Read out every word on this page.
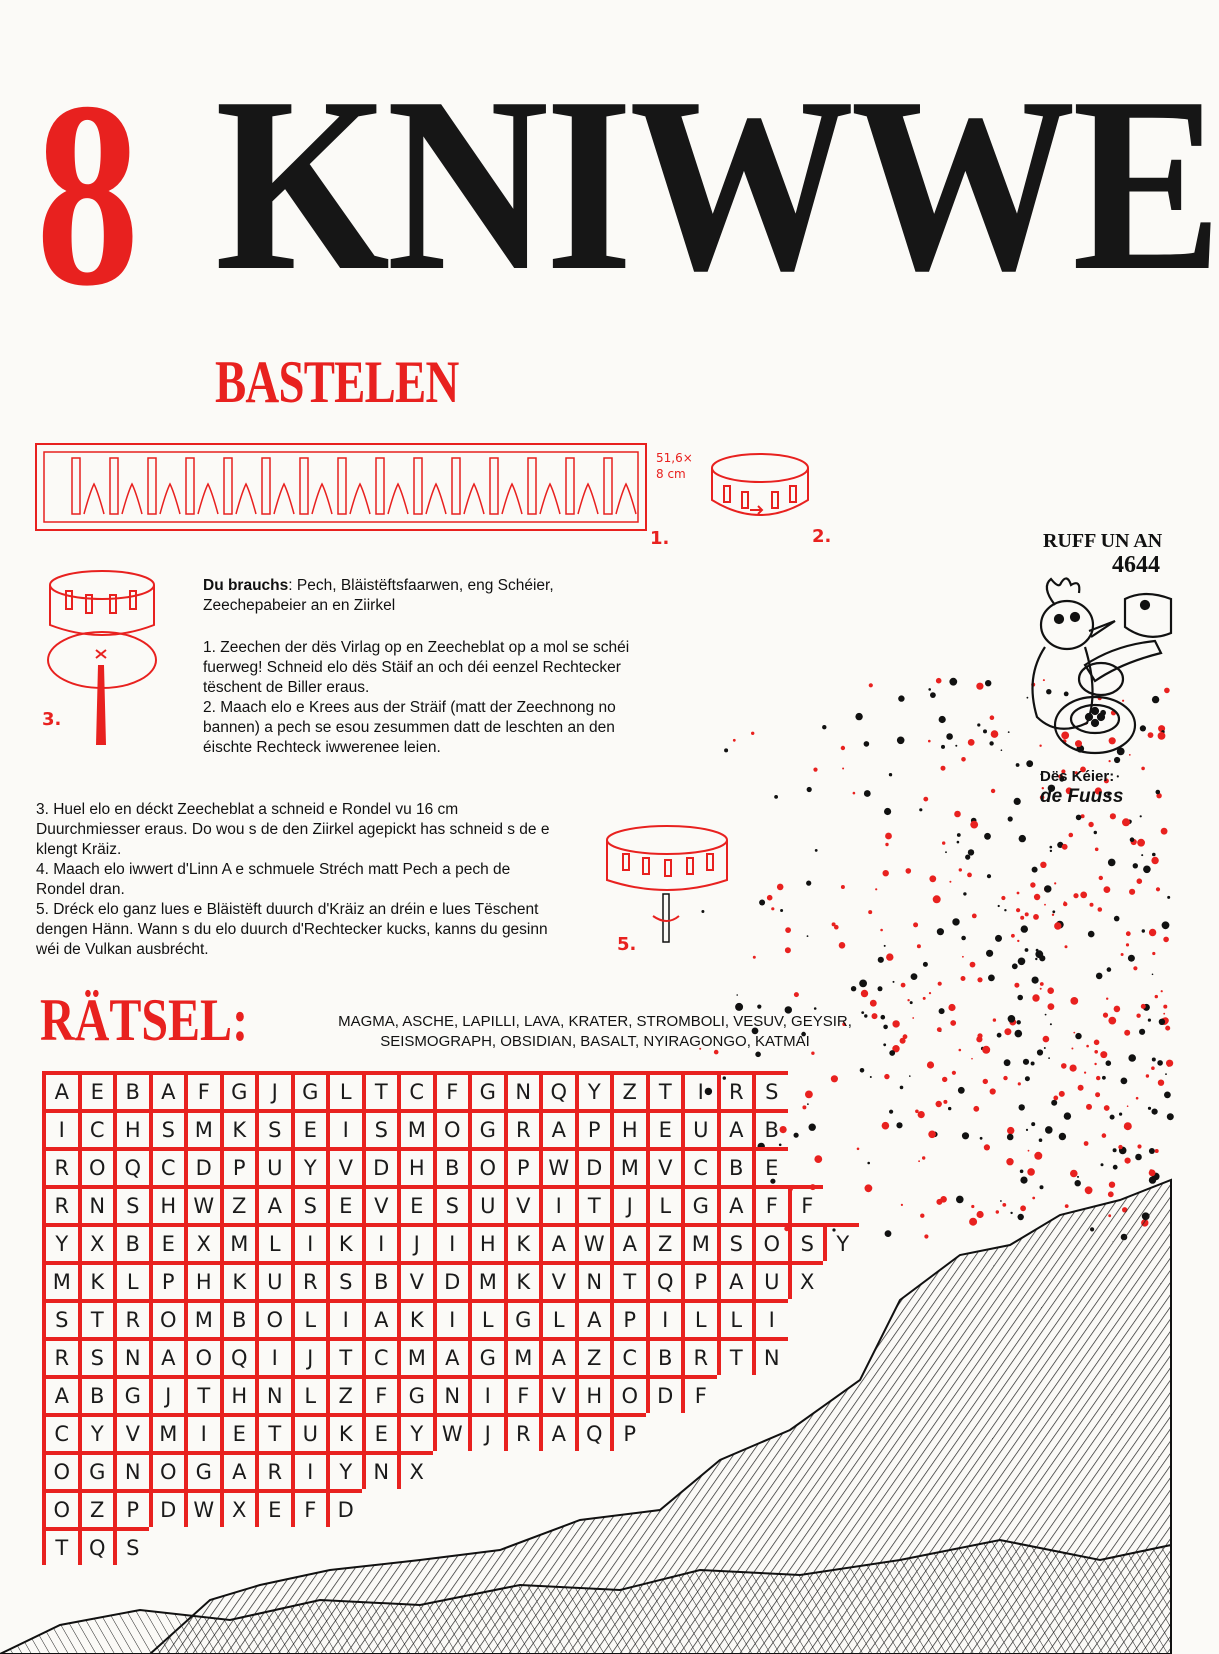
8 KNIWWE
BASTELEN
51,6×
8 cm
1.	2.
3.
5.
Du brauchs: Pech, Bläistëftsfaarwen, eng Schéier, Zeechepabeier an en Ziirkel

1. Zeechen der dës Virlag op en Zeecheblat op a mol se schéi fuerweg! Schneid elo dës Stäif an och déi eenzel Rechtecker tëschent de Biller eraus.

2. Maach elo e Krees aus der Sträif (matt der Zeechnong no bannen) a pech se esou zesummen datt de leschten an den éischte Rechteck iwwerenee leien.

3. Huel elo en déckt Zeecheblat a schneid e Rondel vu 16 cm Duurchmiesser eraus. Do wou s de den Ziirkel agepickt has schneid s de e klengt Kräiz.

4. Maach elo iwwert d'Linn A e schmuele Stréch matt Pech a pech de Rondel dran.

5. Dréck elo ganz lues e Bläistëft duurch d'Kräiz an dréin e lues Tëschent dengen Hänn. Wann s du elo duurch d'Rechtecker kucks, kanns du gesinn wéi de Vulkan ausbrécht.

RUFF UN AN
4644
Dës Kéier:
de Fuuss
RÄTSEL:	MAGMA, ASCHE, LAPILLI, LAVA, KRATER, STROMBOLI, VESUV, GEYSIR,
SEISMOGRAPH, OBSIDIAN, BASALT, NYIRAGONGO, KATMAI
A	E	B	A	F	G	J	G	L	T	C	F	G N Q Y	Z	T	I	R	S
I	C H S M K	S	E	I	S M O G R	A	P	H E	U A	B
R O Q C D	P	U	Y	V D H B O P W D M V C B	E
R N S H W Z	A	S	E	V	E	S	U V	I	T	J	L	G A	F	F
Y	X	B	E	X M L	I	K	I	J	I	H K	A W A	Z M S O S	Y
M K	L	P	H K U R	S	B	V D M K	V N	T Q P	A U X
S	T	R O M B O	L	I	A	K	I	L	G	L	A	P	I	L	L	I
R	S N A O Q	I	J	T	C M A G M A	Z C B	R	T	N
A	B G	J	T	H N	L	Z	F	G N	I	F	V H O D	F
C	Y	V M	I	E	T	U K	E	Y W	J	R	A Q P
O G N O G A	R	I	Y	N X
O Z	P	D W X	E	F	D
T Q S
